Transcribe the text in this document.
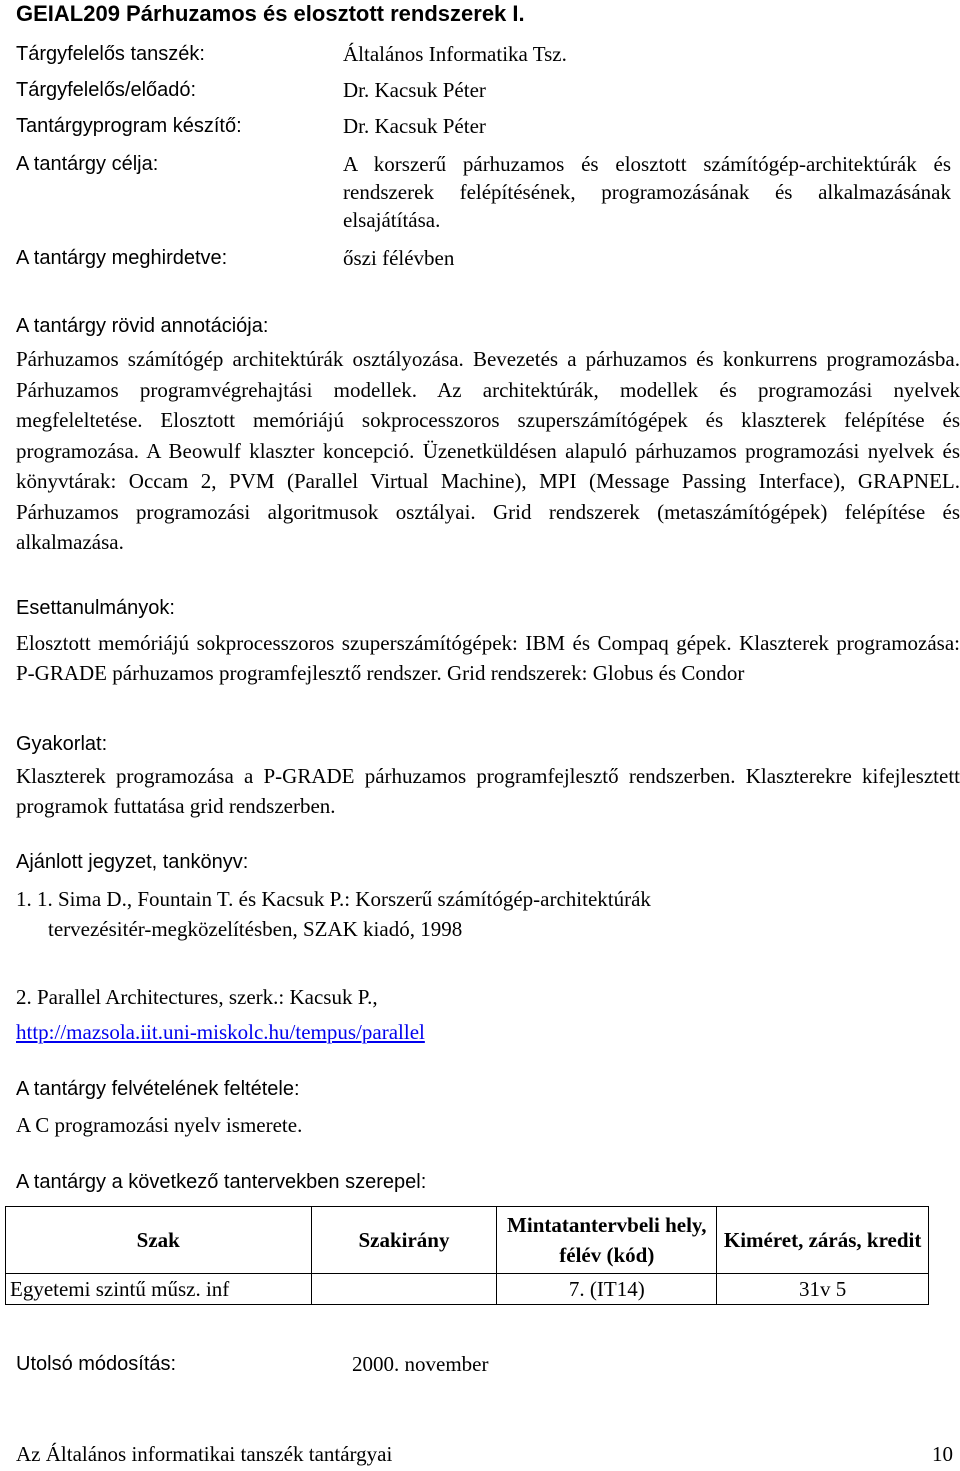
GEIAL209 Párhuzamos és elosztott rendszerek I.
Tárgyfelelős tanszék:	Általános Informatika Tsz.
Tárgyfelelős/előadó:	Dr. Kacsuk Péter
Tantárgyprogram készítő:	Dr. Kacsuk Péter
A tantárgy célja:	A korszerű párhuzamos és elosztott számítógép-architektúrák és rendszerek felépítésének, programozásának és alkalmazásának elsajátítása.
A tantárgy meghirdetve:	őszi félévben
A tantárgy rövid annotációja:
Párhuzamos számítógép architektúrák osztályozása. Bevezetés a párhuzamos és konkurrens programozásba. Párhuzamos programvégrehajtási modellek. Az architektúrák, modellek és programozási nyelvek megfeleltetése. Elosztott memóriájú sokprocesszoros szuperszámítógépek és klaszterek felépítése és programozása. A Beowulf klaszter koncepció. Üzenetküldésen alapuló párhuzamos programozási nyelvek és könyvtárak: Occam 2, PVM (Parallel Virtual Machine), MPI (Message Passing Interface), GRAPNEL. Párhuzamos programozási algoritmusok osztályai. Grid rendszerek (metaszámítógépek) felépítése és alkalmazása.
Esettanulmányok:
Elosztott memóriájú sokprocesszoros szuperszámítógépek: IBM és Compaq gépek. Klaszterek programozása: P-GRADE párhuzamos programfejlesztő rendszer. Grid rendszerek: Globus és Condor
Gyakorlat:
Klaszterek programozása a P-GRADE párhuzamos programfejlesztő rendszerben. Klaszterekre kifejlesztett programok futtatása grid rendszerben.
Ajánlott jegyzet, tankönyv:
1. 1. Sima D., Fountain T. és Kacsuk P.: Korszerű számítógép-architektúrák
tervezésitér-megközelítésben, SZAK kiadó, 1998
2. Parallel Architectures, szerk.: Kacsuk P.,
http://mazsola.iit.uni-miskolc.hu/tempus/parallel
A tantárgy felvételének feltétele:
A C programozási nyelv ismerete.
A tantárgy a következő tantervekben szerepel:
Szak	Szakirány	Mintatantervbeli hely, félév (kód)	Kiméret, zárás, kredit
Egyetemi szintű műsz. inf		7. (IT14)	31v 5
Utolsó módosítás:	2000. november
Az Általános informatikai tanszék tantárgyai	10
